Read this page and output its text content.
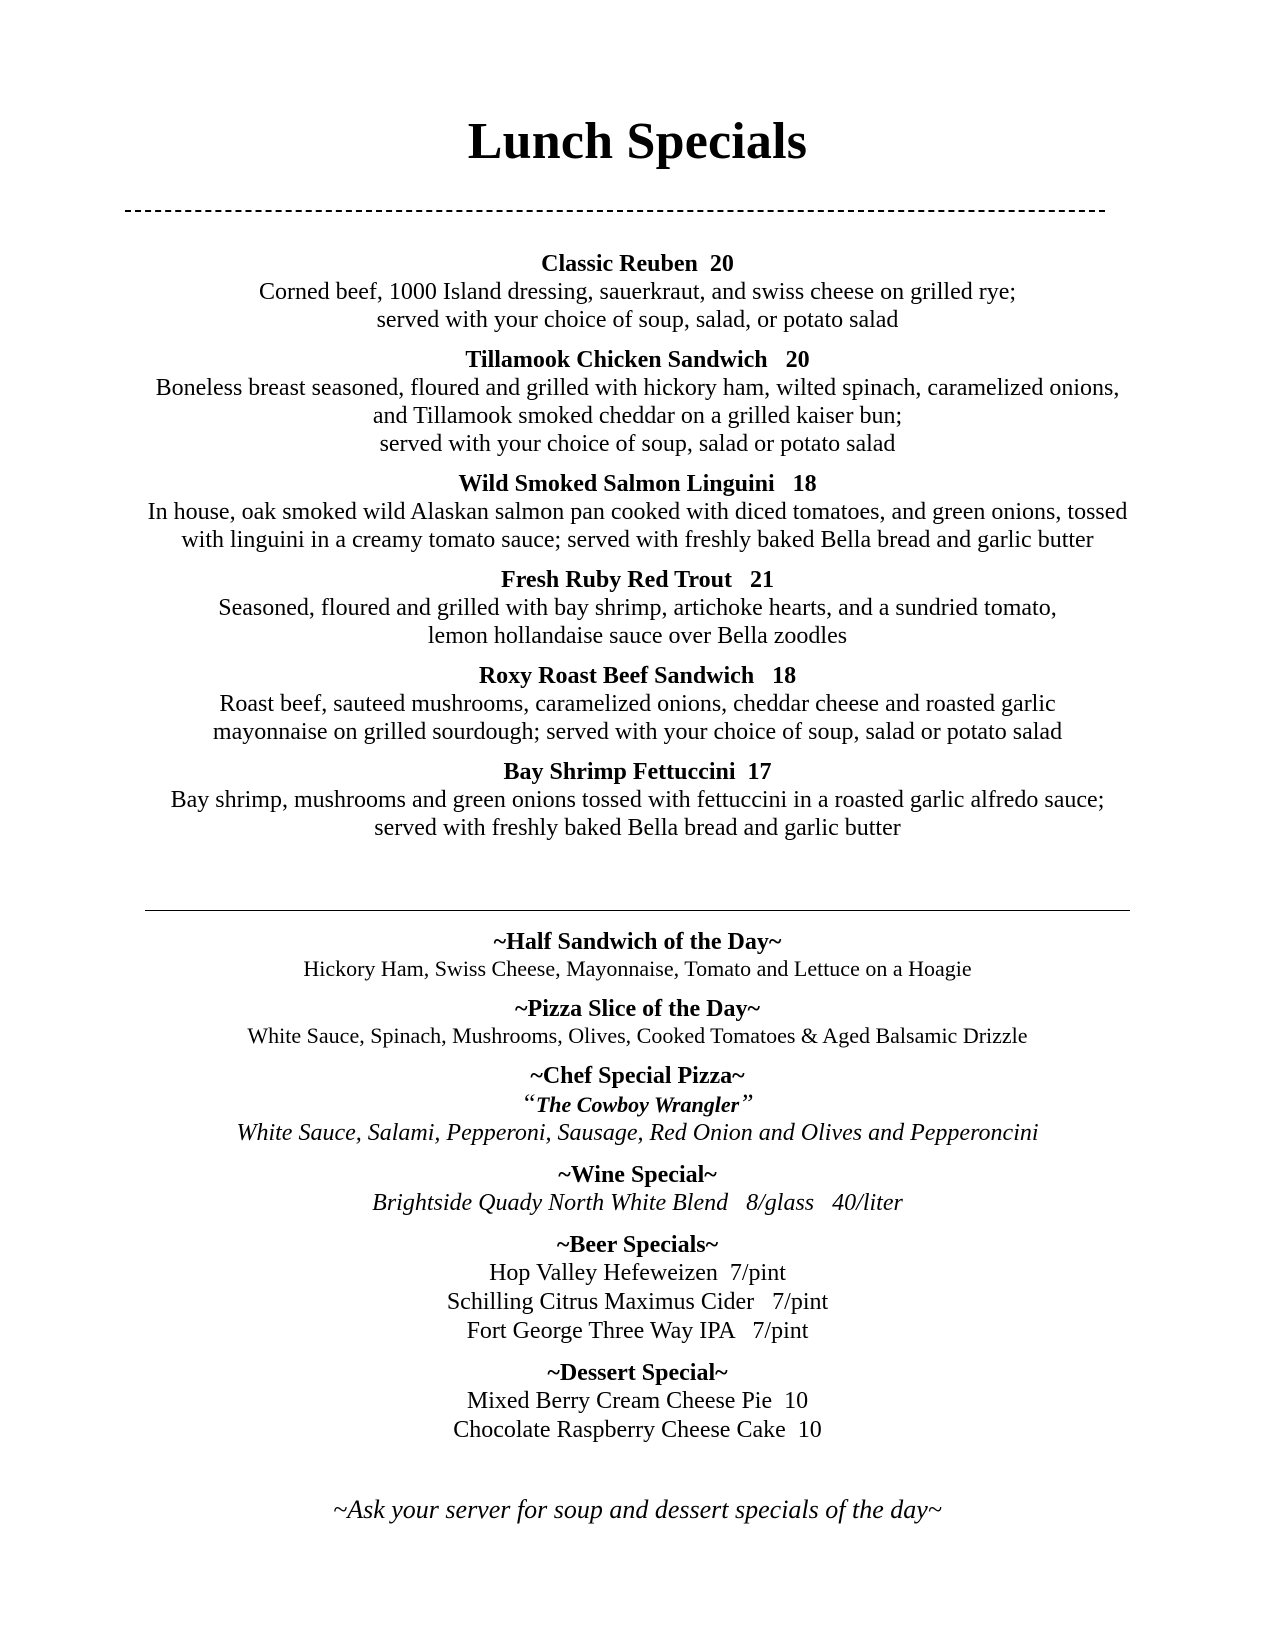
Lunch Specials
Classic Reuben  20
Corned beef, 1000 Island dressing, sauerkraut, and swiss cheese on grilled rye;
served with your choice of soup, salad, or potato salad
Tillamook Chicken Sandwich   20
Boneless breast seasoned, floured and grilled with hickory ham, wilted spinach, caramelized onions,
and Tillamook smoked cheddar on a grilled kaiser bun;
served with your choice of soup, salad or potato salad
Wild Smoked Salmon Linguini   18
In house, oak smoked wild Alaskan salmon pan cooked with diced tomatoes, and green onions, tossed
with linguini in a creamy tomato sauce; served with freshly baked Bella bread and garlic butter
Fresh Ruby Red Trout   21
Seasoned, floured and grilled with bay shrimp, artichoke hearts, and a sundried tomato,
lemon hollandaise sauce over Bella zoodles
Roxy Roast Beef Sandwich   18
Roast beef, sauteed mushrooms, caramelized onions, cheddar cheese and roasted garlic
mayonnaise on grilled sourdough; served with your choice of soup, salad or potato salad
Bay Shrimp Fettuccini  17
Bay shrimp, mushrooms and green onions tossed with fettuccini in a roasted garlic alfredo sauce;
served with freshly baked Bella bread and garlic butter
~Half Sandwich of the Day~
Hickory Ham, Swiss Cheese, Mayonnaise, Tomato and Lettuce on a Hoagie
~Pizza Slice of the Day~
White Sauce, Spinach, Mushrooms, Olives, Cooked Tomatoes & Aged Balsamic Drizzle
~Chef Special Pizza~
“The Cowboy Wrangler”
White Sauce, Salami, Pepperoni, Sausage, Red Onion and Olives and Pepperoncini
~Wine Special~
Brightside Quady North White Blend   8/glass   40/liter
~Beer Specials~
Hop Valley Hefeweizen  7/pint
Schilling Citrus Maximus Cider   7/pint
Fort George Three Way IPA   7/pint
~Dessert Special~
Mixed Berry Cream Cheese Pie  10
Chocolate Raspberry Cheese Cake  10
~Ask your server for soup and dessert specials of the day~
